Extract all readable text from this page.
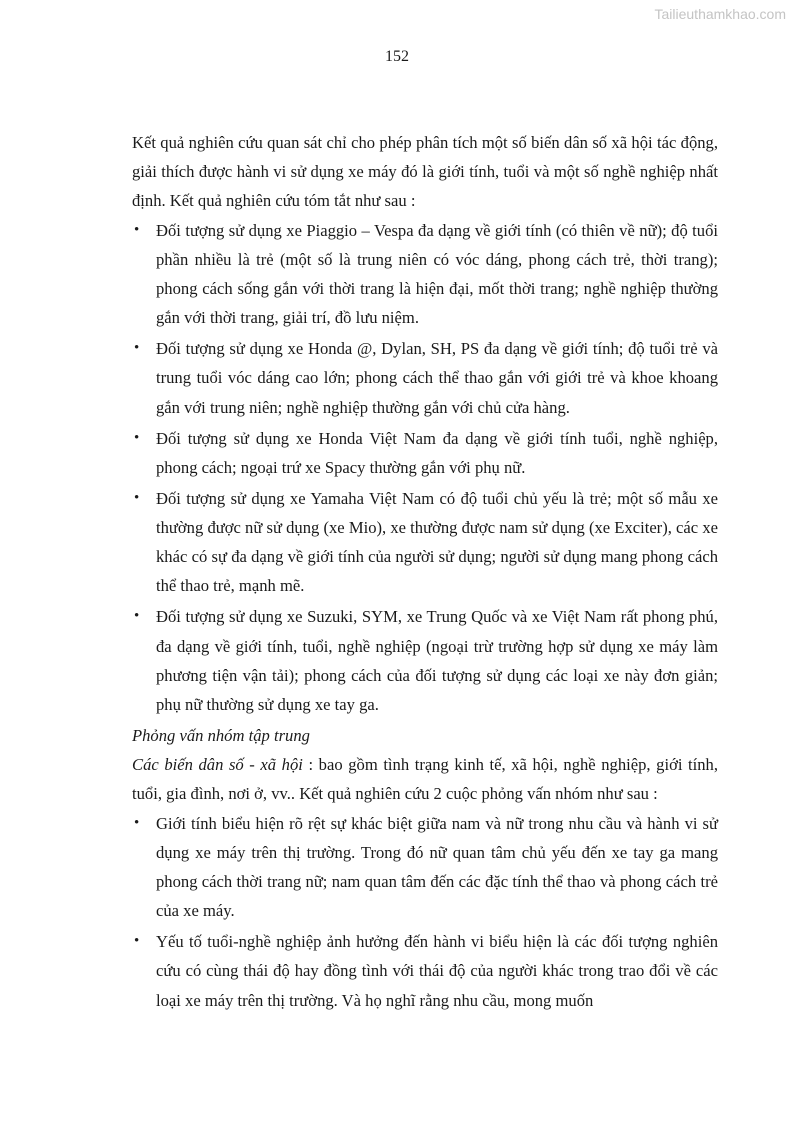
Tailieuthamkhao.com
152

Kết quả nghiên cứu quan sát chỉ cho phép phân tích một số biến dân số xã hội tác động, giải thích được hành vi sử dụng xe máy đó là giới tính, tuổi và một số nghề nghiệp nhất định. Kết quả nghiên cứu tóm tắt như sau :

• Đối tượng sử dụng xe Piaggio – Vespa đa dạng về giới tính (có thiên về nữ); độ tuổi phần nhiều là trẻ (một số là trung niên có vóc dáng, phong cách trẻ, thời trang); phong cách sống gắn với thời trang là hiện đại, mốt thời trang; nghề nghiệp thường gắn với thời trang, giải trí, đồ lưu niệm.
• Đối tượng sử dụng xe Honda @, Dylan, SH, PS đa dạng về giới tính; độ tuổi trẻ và trung tuổi vóc dáng cao lớn; phong cách thể thao gắn với giới trẻ và khoe khoang gắn với trung niên; nghề nghiệp thường gắn với chủ cửa hàng.
• Đối tượng sử dụng xe Honda Việt Nam đa dạng về giới tính tuổi, nghề nghiệp, phong cách; ngoại trứ xe Spacy thường gắn với phụ nữ.
• Đối tượng sử dụng xe Yamaha Việt Nam có độ tuổi chủ yếu là trẻ; một số mẫu xe thường được nữ sử dụng (xe Mio), xe thường được nam sử dụng (xe Exciter), các xe khác có sự đa dạng về giới tính của người sử dụng; người sử dụng mang phong cách thể thao trẻ, mạnh mẽ.
• Đối tượng sử dụng xe Suzuki, SYM, xe Trung Quốc và xe Việt Nam rất phong phú, đa dạng về giới tính, tuổi, nghề nghiệp (ngoại trừ trường hợp sử dụng xe máy làm phương tiện vận tải); phong cách của đối tượng sử dụng các loại xe này đơn giản; phụ nữ thường sử dụng xe tay ga.

Phỏng vấn nhóm tập trung

Các biến dân số - xã hội : bao gồm tình trạng kinh tế, xã hội, nghề nghiệp, giới tính, tuổi, gia đình, nơi ở, vv.. Kết quả nghiên cứu 2 cuộc phỏng vấn nhóm như sau :

• Giới tính biểu hiện rõ rệt sự khác biệt giữa nam và nữ trong nhu cầu và hành vi sử dụng xe máy trên thị trường. Trong đó nữ quan tâm chủ yếu đến xe tay ga mang phong cách thời trang nữ; nam quan tâm đến các đặc tính thể thao và phong cách trẻ của xe máy.
• Yếu tố tuổi-nghề nghiệp ảnh hưởng đến hành vi biểu hiện là các đối tượng nghiên cứu có cùng thái độ hay đồng tình với thái độ của người khác trong trao đổi về các loại xe máy trên thị trường. Và họ nghĩ rằng nhu cầu, mong muốn
